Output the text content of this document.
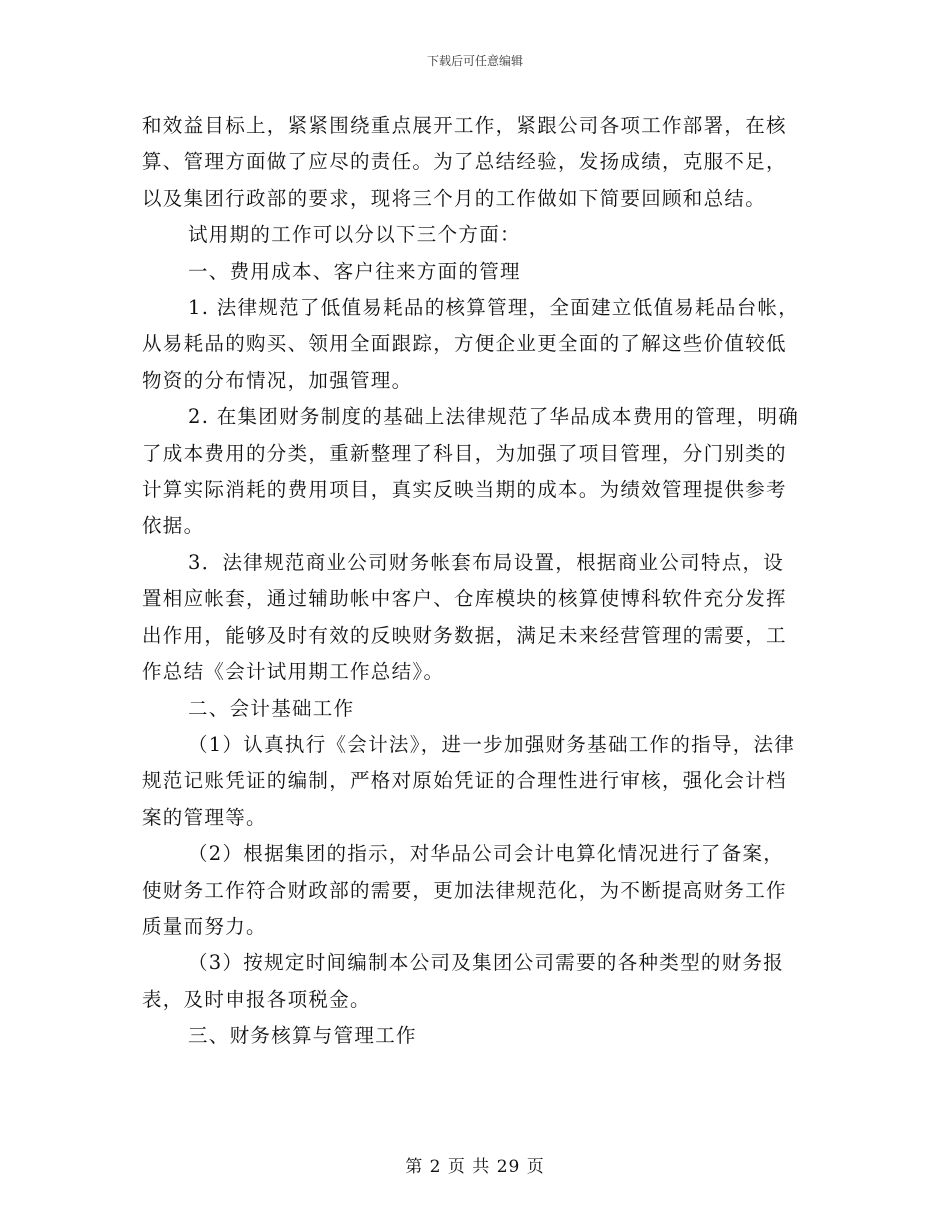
下载后可任意编辑

和效益目标上，紧紧围绕重点展开工作，紧跟公司各项工作部署，在核算、管理方面做了应尽的责任。为了总结经验，发扬成绩，克服不足，以及集团行政部的要求，现将三个月的工作做如下简要回顾和总结。

试用期的工作可以分以下三个方面：

一、费用成本、客户往来方面的管理

1. 法律规范了低值易耗品的核算管理，全面建立低值易耗品台帐，从易耗品的购买、领用全面跟踪，方便企业更全面的了解这些价值较低物资的分布情况，加强管理。

2. 在集团财务制度的基础上法律规范了华品成本费用的管理，明确了成本费用的分类，重新整理了科目，为加强了项目管理，分门别类的计算实际消耗的费用项目，真实反映当期的成本。为绩效管理提供参考依据。

3．法律规范商业公司财务帐套布局设置，根据商业公司特点，设置相应帐套，通过辅助帐中客户、仓库模块的核算使博科软件充分发挥出作用，能够及时有效的反映财务数据，满足未来经营管理的需要，工作总结《会计试用期工作总结》。

二、会计基础工作

（1）认真执行《会计法》，进一步加强财务基础工作的指导，法律规范记账凭证的编制，严格对原始凭证的合理性进行审核，强化会计档案的管理等。

（2）根据集团的指示，对华品公司会计电算化情况进行了备案，使财务工作符合财政部的需要，更加法律规范化，为不断提高财务工作质量而努力。

（3）按规定时间编制本公司及集团公司需要的各种类型的财务报表，及时申报各项税金。

三、财务核算与管理工作

第 2 页 共 29 页
